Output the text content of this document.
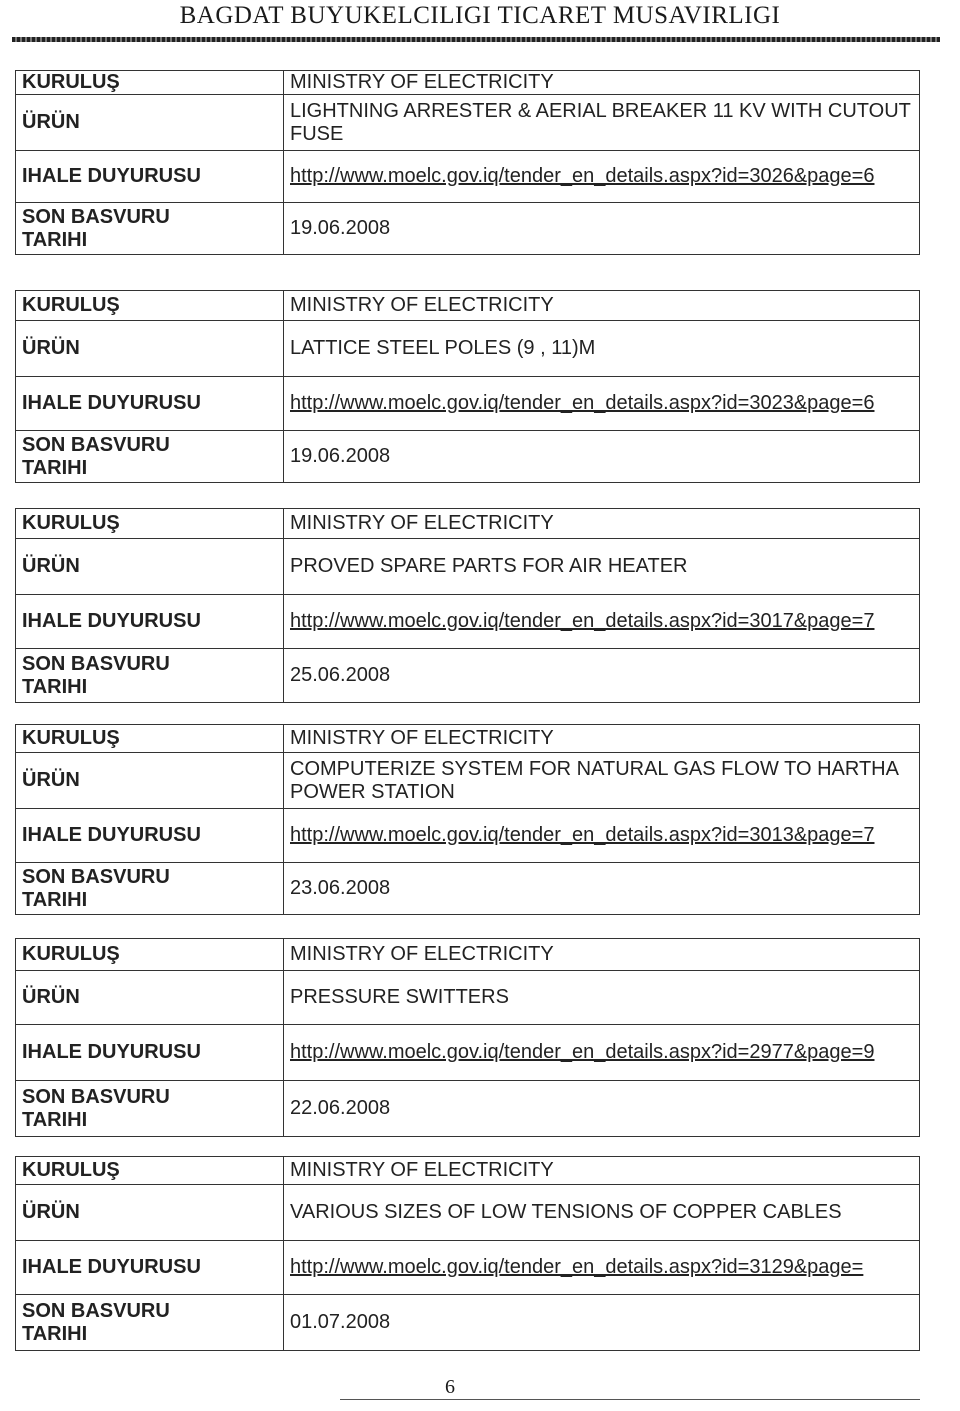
BAGDAT BUYUKELCILIGI TICARET MUSAVIRLIGI
KURULUŞ	MINISTRY OF ELECTRICITY
ÜRÜN	LIGHTNING ARRESTER & AERIAL BREAKER 11 KV WITH CUTOUT FUSE
IHALE DUYURUSU	http://www.moelc.gov.iq/tender_en_details.aspx?id=3026&page=6
SON BASVURU
TARIHI	19.06.2008
KURULUŞ	MINISTRY OF ELECTRICITY
ÜRÜN	LATTICE STEEL POLES (9 , 11)M
IHALE DUYURUSU	http://www.moelc.gov.iq/tender_en_details.aspx?id=3023&page=6
SON BASVURU
TARIHI	19.06.2008
KURULUŞ	MINISTRY OF ELECTRICITY
ÜRÜN	PROVED SPARE PARTS FOR AIR HEATER
IHALE DUYURUSU	http://www.moelc.gov.iq/tender_en_details.aspx?id=3017&page=7
SON BASVURU
TARIHI	25.06.2008
KURULUŞ	MINISTRY OF ELECTRICITY
ÜRÜN	COMPUTERIZE SYSTEM FOR NATURAL GAS FLOW TO HARTHA POWER STATION
IHALE DUYURUSU	http://www.moelc.gov.iq/tender_en_details.aspx?id=3013&page=7
SON BASVURU
TARIHI	23.06.2008
KURULUŞ	MINISTRY OF ELECTRICITY
ÜRÜN	PRESSURE SWITTERS
IHALE DUYURUSU	http://www.moelc.gov.iq/tender_en_details.aspx?id=2977&page=9
SON BASVURU
TARIHI	22.06.2008
KURULUŞ	MINISTRY OF ELECTRICITY
ÜRÜN	VARIOUS SIZES OF LOW TENSIONS OF COPPER CABLES
IHALE DUYURUSU	http://www.moelc.gov.iq/tender_en_details.aspx?id=3129&page=
SON BASVURU
TARIHI	01.07.2008
6
